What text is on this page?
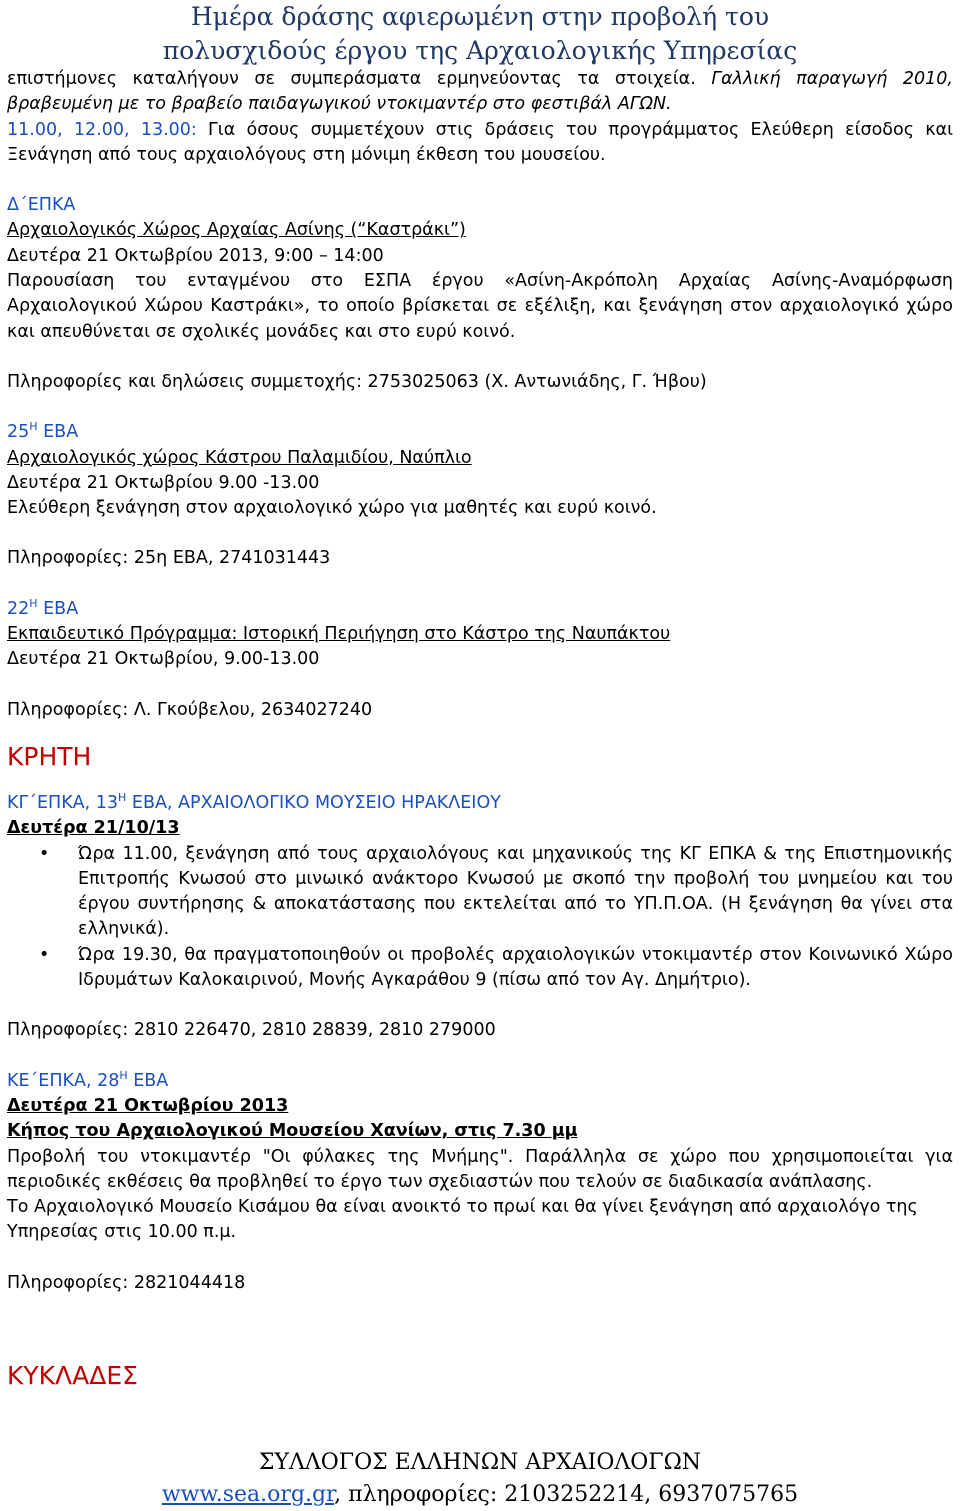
Ημέρα δράσης αφιερωμένη στην προβολή του
πολυσχιδούς έργου της Αρχαιολογικής Υπηρεσίας

επιστήμονες καταλήγουν σε συμπεράσματα ερμηνεύοντας τα στοιχεία. Γαλλική παραγωγή 2010, βραβευμένη με το βραβείο παιδαγωγικού ντοκιμαντέρ στο φεστιβάλ ΑΓΩΝ.

11.00, 12.00, 13.00: Για όσους συμμετέχουν στις δράσεις του προγράμματος Ελεύθερη είσοδος και Ξενάγηση από τους αρχαιολόγους στη μόνιμη έκθεση του μουσείου.

Δ΄ΕΠΚΑ

Αρχαιολογικός Χώρος Αρχαίας Ασίνης (“Καστράκι”)

Δευτέρα 21 Οκτωβρίου 2013, 9:00 – 14:00

Παρουσίαση του ενταγμένου στο ΕΣΠΑ έργου «Ασίνη-Ακρόπολη Αρχαίας Ασίνης-Αναμόρφωση Αρχαιολογικού Χώρου Καστράκι», το οποίο βρίσκεται σε εξέλιξη, και ξενάγηση στον αρχαιολογικό χώρο και απευθύνεται σε σχολικές μονάδες και στο ευρύ κοινό.

Πληροφορίες και δηλώσεις συμμετοχής: 2753025063 (Χ. Αντωνιάδης, Γ. Ήβου)

$25^H$ ΕΒΑ

Αρχαιολογικός χώρος Κάστρου Παλαμιδίου, Ναύπλιο

Δευτέρα 21 Οκτωβρίου 9.00 -13.00

Ελεύθερη ξενάγηση στον αρχαιολογικό χώρο για μαθητές και ευρύ κοινό.

Πληροφορίες: 25η ΕΒΑ, 2741031443

$22^H$ ΕΒΑ

Εκπαιδευτικό Πρόγραμμα: Ιστορική Περιήγηση στο Κάστρο της Ναυπάκτου

Δευτέρα 21 Οκτωβρίου, 9.00-13.00

Πληροφορίες: Λ. Γκούβελου, 2634027240

ΚΡΗΤΗ

ΚΓ΄ΕΠΚΑ, $13^H$ ΕΒΑ, ΑΡΧΑΙΟΛΟΓΙΚΟ ΜΟΥΣΕΙΟ ΗΡΑΚΛΕΙΟΥ

Δευτέρα 21/10/13

• Ώρα 11.00, ξενάγηση από τους αρχαιολόγους και μηχανικούς της ΚΓ ΕΠΚΑ & της Επιστημονικής Επιτροπής Κνωσού στο μινωικό ανάκτορο Κνωσού με σκοπό την προβολή του μνημείου και του έργου συντήρησης & αποκατάστασης που εκτελείται από το ΥΠ.Π.ΟΑ. (Η ξενάγηση θα γίνει στα ελληνικά).
• Ώρα 19.30, θα πραγματοποιηθούν οι προβολές αρχαιολογικών ντοκιμαντέρ στον Κοινωνικό Χώρο Ιδρυμάτων Καλοκαιρινού, Μονής Αγκαράθου 9 (πίσω από τον Αγ. Δημήτριο).

Πληροφορίες: 2810 226470, 2810 28839, 2810 279000

ΚΕ΄ΕΠΚΑ, $28^H$ ΕΒΑ

Δευτέρα 21 Οκτωβρίου 2013

Κήπος του Αρχαιολογικού Μουσείου Χανίων, στις 7.30 μμ

Προβολή του ντοκιμαντέρ "Οι φύλακες της Μνήμης". Παράλληλα σε χώρο που χρησιμοποιείται για περιοδικές εκθέσεις θα προβληθεί το έργο των σχεδιαστών που τελούν σε διαδικασία ανάπλασης.

Το Αρχαιολογικό Μουσείο Κισάμου θα είναι ανοικτό το πρωί και θα γίνει ξενάγηση από αρχαιολόγο της Υπηρεσίας στις 10.00 π.μ.

Πληροφορίες: 2821044418

ΚΥΚΛΑΔΕΣ

ΣΥΛΛΟΓΟΣ ΕΛΛΗΝΩΝ ΑΡΧΑΙΟΛΟΓΩΝ
www.sea.org.gr, πληροφορίες: 2103252214, 6937075765
